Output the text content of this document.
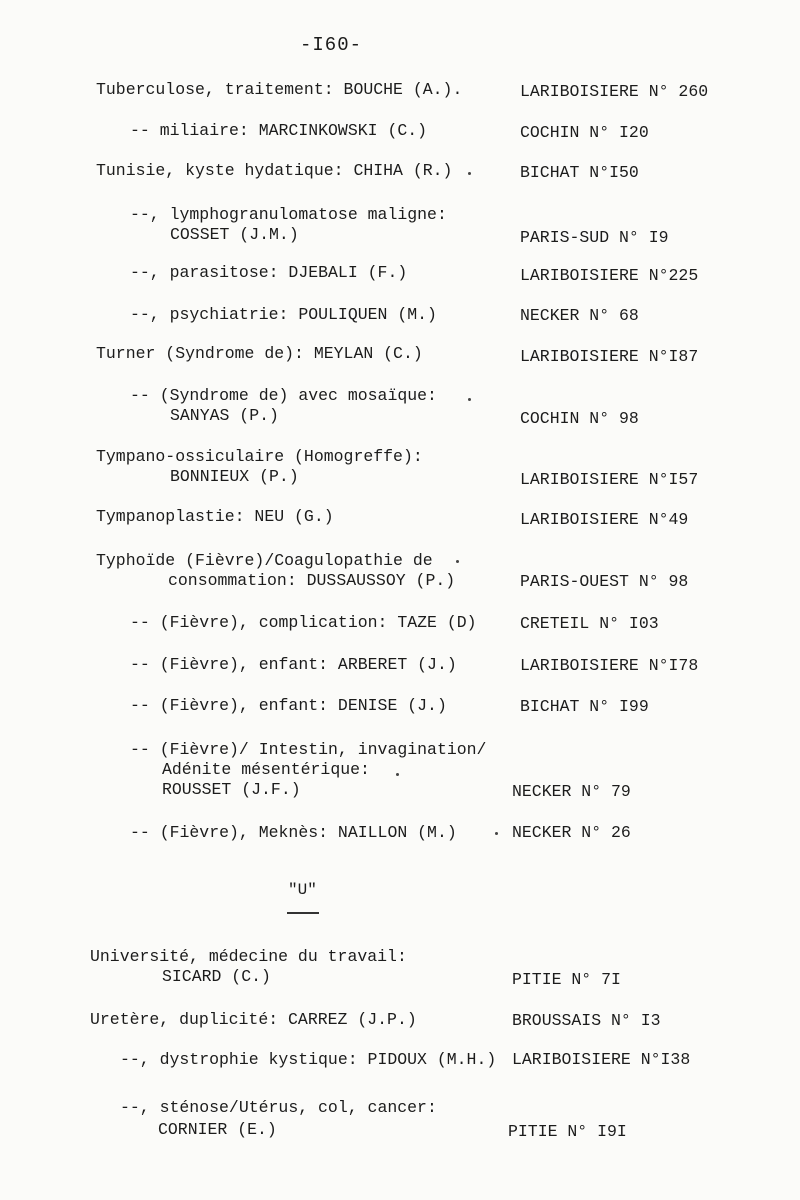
-I60-
Tuberculose, traitement: BOUCHE (A.).	LARIBOISIERE N° 260
-- miliaire: MARCINKOWSKI (C.)	COCHIN N° I20
Tunisie, kyste hydatique: CHIHA (R.)	BICHAT N°I50
--, lymphogranulomatose maligne:
COSSET (J.M.)	PARIS-SUD N° I9
--, parasitose: DJEBALI (F.)	LARIBOISIERE N°225
--, psychiatrie: POULIQUEN (M.)	NECKER N° 68
Turner (Syndrome de): MEYLAN (C.)	LARIBOISIERE N°I87
-- (Syndrome de) avec mosaïque:
SANYAS (P.)	COCHIN N° 98
Tympano-ossiculaire (Homogreffe):
BONNIEUX (P.)	LARIBOISIERE N°I57
Tympanoplastie: NEU (G.)	LARIBOISIERE N°49
Typhoïde (Fièvre)/Coagulopathie de
consommation: DUSSAUSSOY (P.)	PARIS-OUEST N° 98
-- (Fièvre), complication: TAZE (D)	CRETEIL N° I03
-- (Fièvre), enfant: ARBERET (J.)	LARIBOISIERE N°I78
-- (Fièvre), enfant: DENISE (J.)	BICHAT N° I99
-- (Fièvre)/ Intestin, invagination/
Adénite mésentérique:
ROUSSET (J.F.)	NECKER N° 79
-- (Fièvre), Meknès: NAILLON (M.)	NECKER N° 26
"U"
Université, médecine du travail:
SICARD (C.)	PITIE N° 7I
Uretère, duplicité: CARREZ (J.P.)	BROUSSAIS N° I3
--, dystrophie kystique: PIDOUX (M.H.) LARIBOISIERE N°I38
--, sténose/Utérus, col, cancer:
CORNIER (E.)	PITIE N° I9I
